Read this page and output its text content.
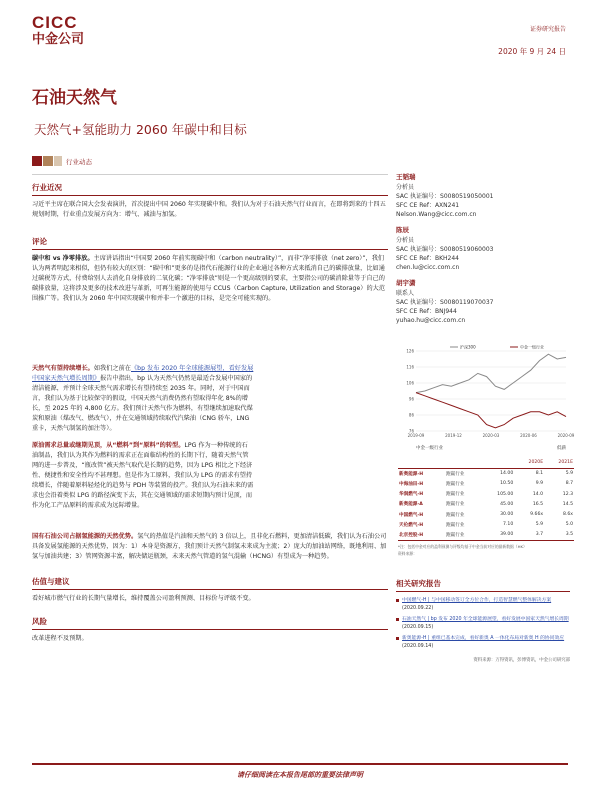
CICC
中金公司
证券研究报告
2020 年 9 月 24 日
石油天然气
天然气+氢能助力 2060 年碳中和目标
行业动态
行业近况
习近平主席在联合国大会发表演讲，首次提出中国 2060 年实现碳中和。我们认为对于石油天然气行业而言，在即将到来的十四五规划时期，行业重点发展方向为：增气、减油与加氢。
评论
碳中和 vs 净零排放。主席讲话指出“中国要 2060 年前实现碳中和（carbon neutrality）”，而非“净零排放（net zero）”，我们认为两者明起来相似，但仍有较大的区别：“碳中和”更多的是指代石能源行业的企业通过各种方式来抵消自己的碳排放量，比如通过碳税等方式，付费给别人去消化自身排放的二氧化碳；“净零排放”则是一个更高级别的要求，主要指公司的碳消除量等于自己的碳排放量，这将涉及更多的技术改进与革新，可再生能源的使用与 CCUS（Carbon Capture, Utilization and Storage）的大范围推广等。我们认为 2060 年中国实现碳中和并非一个激进的目标，是完全可能实现的。
天然气有望持续增长。如我们之前在《bp 发布 2020 年全球能源展望，看好发展中国家天然气增长周期》报告中指出，bp 认为天然气仍然是最适合发展中国家的清洁能源，并预计全球天然气需求增长有望持续至 2035 年。同时，对于中国而言，我们认为基于比较保守的假设，中国天然气消费仍然有望取得年化 8%的增长，至 2025 年的 4,800 亿方。我们预计天然气作为燃料，有望继续加速取代煤炭和原油（煤改气、燃改气），并在交通领域持续取代汽柴油（CNG 轿车，LNG 重卡，天然气制氢的加注等）。
原油需求总量或继期见顶，从“燃料”到“原料”的转型。LPG 作为一种传统的石油制品，我们认为其作为燃料的需求正在面临结构性的长期下行，随着天然气管网的进一步普及，“瓶改管”被天然气取代是长期的趋势，因为 LPG 相比之下经济性、便捷性和安全性均不甚理想。但是作为工原料，我们认为 LPG 的需求有望持续增长，伴随着原料轻烃化的趋势与 PDH 等装置的投产。我们认为石油未来的需求也会沿着类似 LPG 的路径演变下去，其在交通领域的需求短期内预计见顶，而作为化工产品原料的需求成为远际增量。
国有石油公司占据氢能源的天然优势。氢气的热值是汽油和天然气的 3 倍以上，且非化石燃料，更加清洁低碳，我们认为石油公司具备发展氢能源的天然优势，因为：1）本身是资源方，我们预计天然气制氢未来成为主流；2）庞大的加油站网络，既地利用、加氢与加油共建；3）管网资源丰富，解决储运瓶颈，未来天然气管道的氢气混输（HCNG）有望成为一种趋势。
估值与建议
看好城市燃气行业的长期气量增长，维持覆盖公司盈利预测、目标价与评级不变。
风险
改革进程不及预期。
王韬瑞
分析员
SAC 执证编号：S0080519050001
SFC CE Ref：AXN241
Nelson.Wang@cicc.com.cn
陈辰
分析员
SAC 执证编号：S0080519060003
SFC CE Ref：BKH244
chen.lu@cicc.com.cn
胡宇潇
联系人
SAC 执证编号：S0080119070037
SFC CE Ref：BNJ944
yuhao.hu@cicc.com.cn
126
116
106
96
86
76
2019-09	2019-12	2020-03	2020-06	2020-09
沪深300	中金一级行业
中金一级行业	低薪
			2020E	2021E
新奥能源-H	跑赢行业	14.00	8.1	5.9
中海油田-H	跑赢行业	10.50	9.9	8.7
华润燃气-H	跑赢行业	105.00	14.0	12.3
新奥能源-A	跑赢行业	45.00	16.5	14.5
中国燃气-H	跑赢行业	30.00	9.66x	8.6x
天伦燃气-H	跑赢行业	7.10	5.9	5.0
北京控股-H	跑赢行业	39.00	3.7	3.5
*注：包括中金对应的盈利预测与评级均基于中金当前对应的最新数据（HK）
资料来源：
相关研究报告
中国燃气-H | 与中国移动签订全方位合作，打造智慧燃气整体解决方案 (2020.09.22)
石油天然气 | bp 发布 2020 年全球能源展望，看好发展中国家天然气增长周期 (2020.09.15)
新奥能源-H | 重组已基本完成，看好新奥 A 一体化布局对新奥 H 的协同效应 (2020.09.14)
资料来源：万得资讯，彭博资讯，中金公司研究部
请仔细阅读在本报告尾部的重要法律声明
